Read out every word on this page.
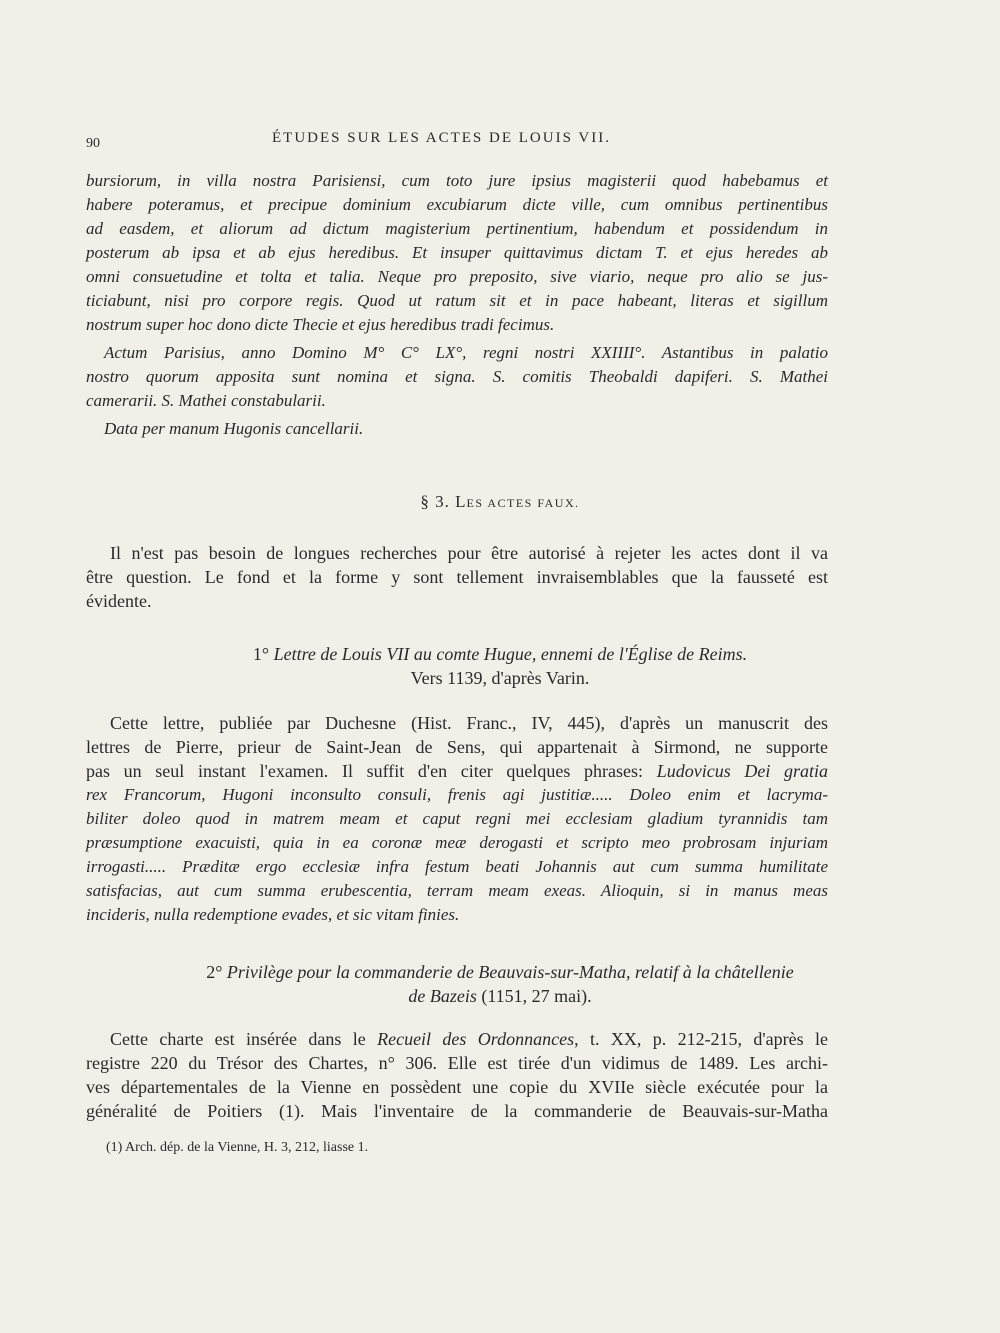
90	ÉTUDES SUR LES ACTES DE LOUIS VII.
bursiorum, in villa nostra Parisiensi, cum toto jure ipsius magisterii quod habebamus et
habere poteramus, et precipue dominium excubiarum dicte ville, cum omnibus pertinentibus
ad easdem, et aliorum ad dictum magisterium pertinentium, habendum et possidendum in
posterum ab ipsa et ab ejus heredibus. Et insuper quittavimus dictam T. et ejus heredes ab
omni consuetudine et tolta et talia. Neque pro preposito, sive viario, neque pro alio se jus-
ticiabunt, nisi pro corpore regis. Quod ut ratum sit et in pace habeant, literas et sigillum
nostrum super hoc dono dicte Thecie et ejus heredibus tradi fecimus.
Actum Parisius, anno Domino M° C° LX°, regni nostri XXIIII°. Astantibus in palatio
nostro quorum apposita sunt nomina et signa. S. comitis Theobaldi dapiferi. S. Mathei
camerarii. S. Mathei constabularii.
Data per manum Hugonis cancellarii.
§ 3. LES ACTES FAUX.
Il n'est pas besoin de longues recherches pour être autorisé à rejeter les actes dont il va
être question. Le fond et la forme y sont tellement invraisemblables que la fausseté est
évidente.
1° Lettre de Louis VII au comte Hugue, ennemi de l'Église de Reims.
Vers 1139, d'après Varin.
Cette lettre, publiée par Duchesne (Hist. Franc., IV, 445), d'après un manuscrit des
lettres de Pierre, prieur de Saint-Jean de Sens, qui appartenait à Sirmond, ne supporte
pas un seul instant l'examen. Il suffit d'en citer quelques phrases: Ludovicus Dei gratia
rex Francorum, Hugoni inconsulto consuli, frenis agi justitiæ..... Doleo enim et lacryma-
biliter doleo quod in matrem meam et caput regni mei ecclesiam gladium tyrannidis tam
præsumptione exacuisti, quia in ea coronæ meæ derogasti et scripto meo probrosam injuriam
irrogasti..... Præditæ ergo ecclesiæ infra festum beati Johannis aut cum summa humilitate
satisfacias, aut cum summa erubescentia, terram meam exeas. Alioquin, si in manus meas
incideris, nulla redemptione evades, et sic vitam finies.
2° Privilège pour la commanderie de Beauvais-sur-Matha, relatif à la châtellenie
de Bazeis (1151, 27 mai).
Cette charte est insérée dans le Recueil des Ordonnances, t. XX, p. 212-215, d'après le
registre 220 du Trésor des Chartes, n° 306. Elle est tirée d'un vidimus de 1489. Les archi-
ves départementales de la Vienne en possèdent une copie du XVIIe siècle exécutée pour la
généralité de Poitiers (1). Mais l'inventaire de la commanderie de Beauvais-sur-Matha
(1) Arch. dép. de la Vienne, H. 3, 212, liasse 1.
